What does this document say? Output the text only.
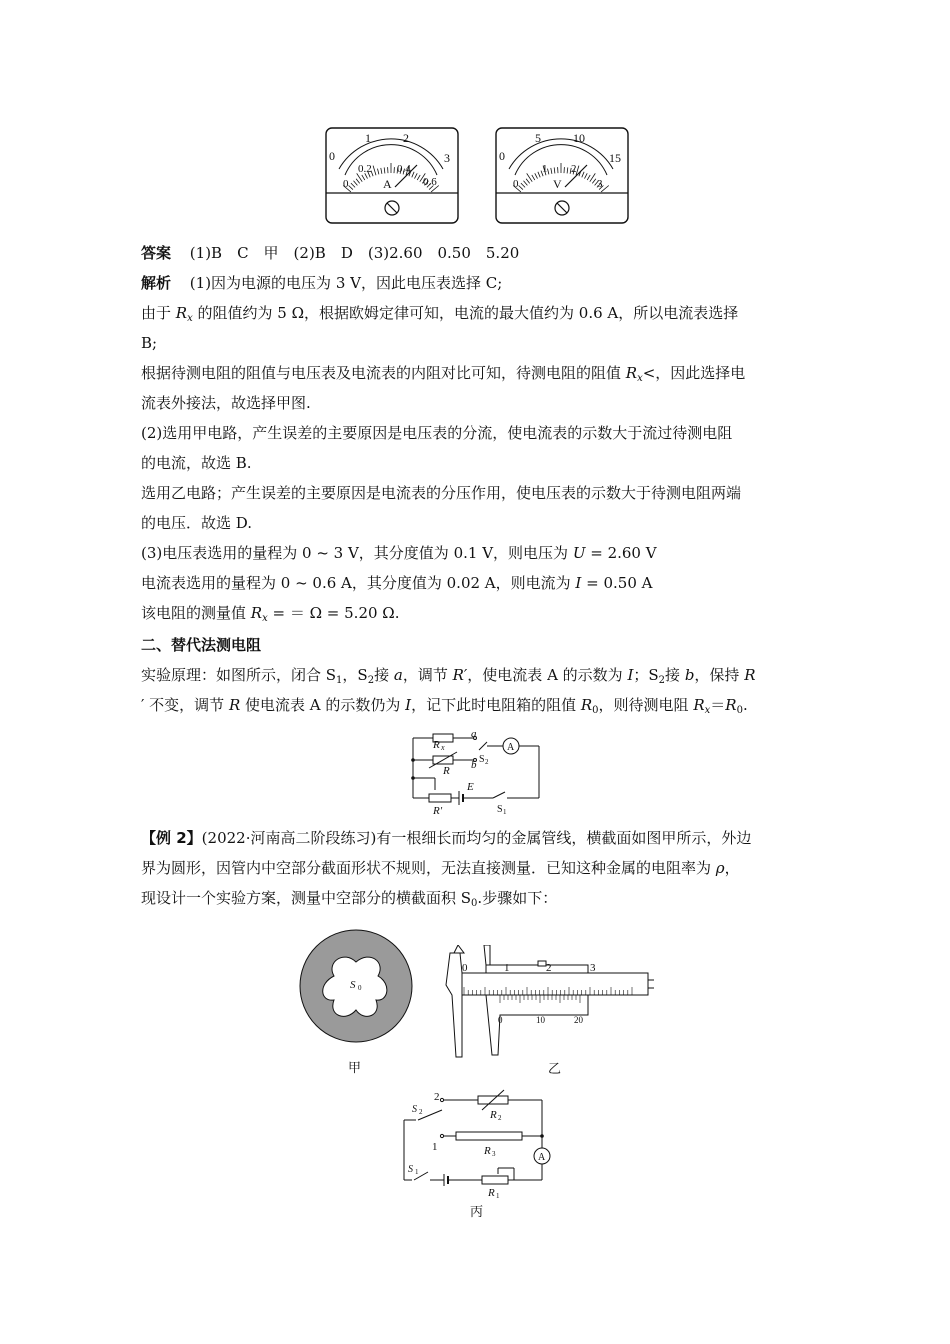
1	2
0	3
0.2 0.4
0	0.6
A
5	10
0	15
1 2
0	3
V
答案 (1)B　C　甲　(2)B　D　(3)2.60　0.50　5.20
解析 (1)因为电源的电压为 3 V，因此电压表选择 C;
由于 $R_x$ 的阻值约为 5 Ω，根据欧姆定律可知，电流的最大值约为 0.6 A，所以电流表选择
B;
根据待测电阻的阻值与电压表及电流表的内阻对比可知，待测电阻的阻值 $R_x<$，因此选择电
流表外接法，故选择甲图.
(2)选用甲电路，产生误差的主要原因是电压表的分流，使电流表的示数大于流过待测电阻
的电流，故选 B.
选用乙电路；产生误差的主要原因是电流表的分压作用，使电压表的示数大于待测电阻两端
的电压．故选 D.
(3)电压表选用的量程为 0 ~ 3 V，其分度值为 0.1 V，则电压为 U = 2.60 V
电流表选用的量程为 0 ~ 0.6 A，其分度值为 0.02 A，则电流为 I = 0.50 A
该电阻的测量值 $R_x$ = ＝ Ω = 5.20 Ω.
二、替代法测电阻
实验原理：如图所示，闭合 $S_1$，$S_2$接 a，调节 R′，使电流表 A 的示数为 I；$S_2$接 b，保持 R
′ 不变，调节 R 使电流表 A 的示数仍为 I，记下此时电阻箱的阻值 $R_0$，则待测电阻 $R_x=R_0$.
R x
a
b S 2
A
R
E
R′	S 1
【例 2】(2022·河南高二阶段练习)有一根细长而均匀的金属管线，横截面如图甲所示，外边
界为圆形，因管内中空部分截面形状不规则，无法直接测量．已知这种金属的电阻率为 ρ，
现设计一个实验方案，测量中空部分的横截面积 $S_0$.步骤如下：
S 0
甲
0	1	2	3
0	10	20
乙
S 2
2
R 2
1	R 3	A
S 1
R 1
丙
